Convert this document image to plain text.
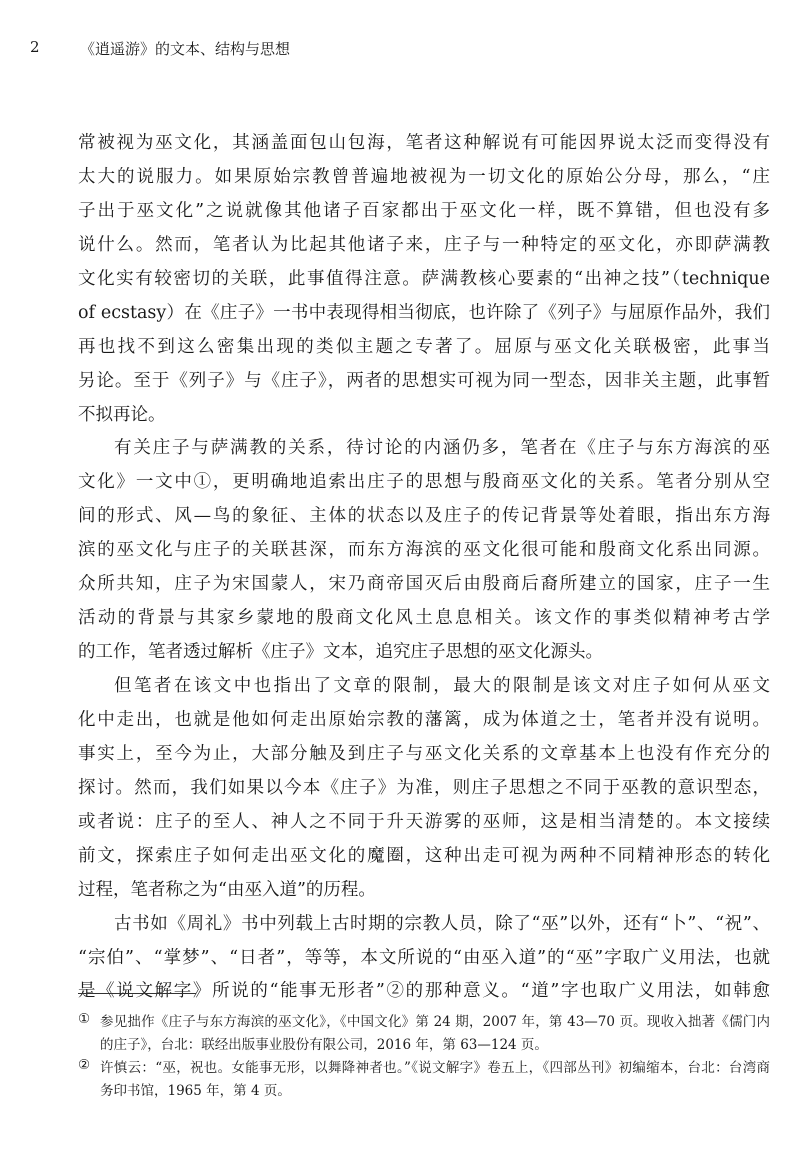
2	《逍遥游》的文本、结构与思想
常被视为巫文化，其涵盖面包山包海，笔者这种解说有可能因界说太泛而变得没有
太大的说服力。如果原始宗教曾普遍地被视为一切文化的原始公分母，那么，“庄
子出于巫文化”之说就像其他诸子百家都出于巫文化一样，既不算错，但也没有多
说什么。然而，笔者认为比起其他诸子来，庄子与一种特定的巫文化，亦即萨满教
文化实有较密切的关联，此事值得注意。萨满教核心要素的“出神之技”（technique
of ecstasy）在《庄子》一书中表现得相当彻底，也许除了《列子》与屈原作品外，我们
再也找不到这么密集出现的类似主题之专著了。屈原与巫文化关联极密，此事当
另论。至于《列子》与《庄子》，两者的思想实可视为同一型态，因非关主题，此事暂
不拟再论。
有关庄子与萨满教的关系，待讨论的内涵仍多，笔者在《庄子与东方海滨的巫
文化》一文中①，更明确地追索出庄子的思想与殷商巫文化的关系。笔者分别从空
间的形式、风—鸟的象征、主体的状态以及庄子的传记背景等处着眼，指出东方海
滨的巫文化与庄子的关联甚深，而东方海滨的巫文化很可能和殷商文化系出同源。
众所共知，庄子为宋国蒙人，宋乃商帝国灭后由殷商后裔所建立的国家，庄子一生
活动的背景与其家乡蒙地的殷商文化风土息息相关。该文作的事类似精神考古学
的工作，笔者透过解析《庄子》文本，追究庄子思想的巫文化源头。
但笔者在该文中也指出了文章的限制，最大的限制是该文对庄子如何从巫文
化中走出，也就是他如何走出原始宗教的藩篱，成为体道之士，笔者并没有说明。
事实上，至今为止，大部分触及到庄子与巫文化关系的文章基本上也没有作充分的
探讨。然而，我们如果以今本《庄子》为准，则庄子思想之不同于巫教的意识型态，
或者说：庄子的至人、神人之不同于升天游雾的巫师，这是相当清楚的。本文接续
前文，探索庄子如何走出巫文化的魔圈，这种出走可视为两种不同精神形态的转化
过程，笔者称之为“由巫入道”的历程。
古书如《周礼》书中列载上古时期的宗教人员，除了“巫”以外，还有“卜”、“祝”、
“宗伯”、“掌梦”、“日者”，等等，本文所说的“由巫入道”的“巫”字取广义用法，也就
是《说文解字》所说的“能事无形者”②的那种意义。“道”字也取广义用法，如韩愈
① 参见拙作《庄子与东方海滨的巫文化》，《中国文化》第 24 期，2007 年，第 43—70 页。现收入拙著《儒门内
的庄子》，台北：联经出版事业股份有限公司，2016 年，第 63—124 页。
② 许慎云：“巫，祝也。女能事无形，以舞降神者也。”《说文解字》卷五上，《四部丛刊》初编缩本，台北：台湾商
务印书馆，1965 年，第 4 页。
